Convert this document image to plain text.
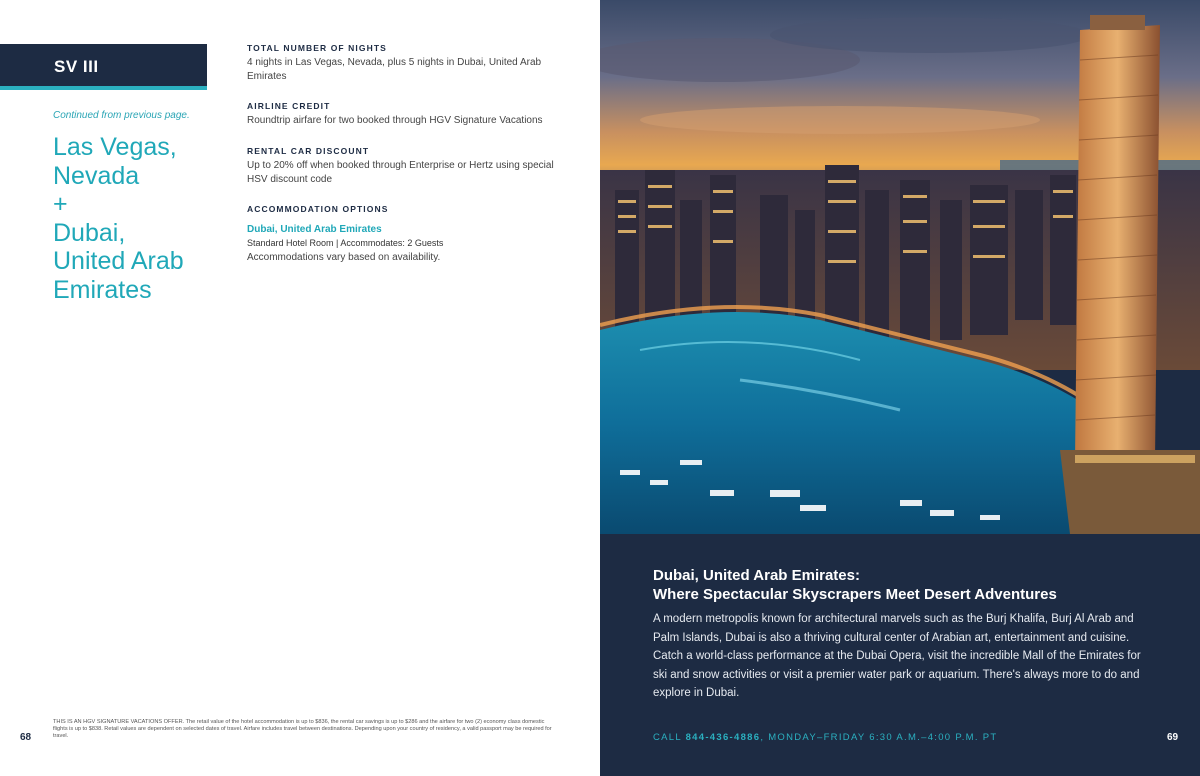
SV III
Continued from previous page.
Las Vegas,
Nevada
+
Dubai,
United Arab
Emirates
TOTAL NUMBER OF NIGHTS
4 nights in Las Vegas, Nevada, plus 5 nights in Dubai, United Arab Emirates
AIRLINE CREDIT
Roundtrip airfare for two booked through HGV Signature Vacations
RENTAL CAR DISCOUNT
Up to 20% off when booked through Enterprise or Hertz using special HSV discount code
ACCOMMODATION OPTIONS
Dubai, United Arab Emirates
Standard Hotel Room | Accommodates: 2 Guests
Accommodations vary based on availability.
68
THIS IS AN HGV SIGNATURE VACATIONS OFFER. The retail value of the hotel accommodation is up to $836, the rental car savings is up to $286 and the airfare for two (2) economy class domestic flights is up to $838. Retail values are dependent on selected dates of travel. Airfare includes travel between destinations. Depending upon your country of residency, a valid passport may be required for travel.
Dubai, United Arab Emirates:
Where Spectacular Skyscrapers Meet Desert Adventures
A modern metropolis known for architectural marvels such as the Burj Khalifa, Burj Al Arab and Palm Islands, Dubai is also a thriving cultural center of Arabian art, entertainment and cuisine. Catch a world-class performance at the Dubai Opera, visit the incredible Mall of the Emirates for ski and snow activities or visit a premier water park or aquarium. There's always more to do and explore in Dubai.
CALL 844-436-4886, MONDAY–FRIDAY 6:30 A.M.–4:00 P.M. PT	69
